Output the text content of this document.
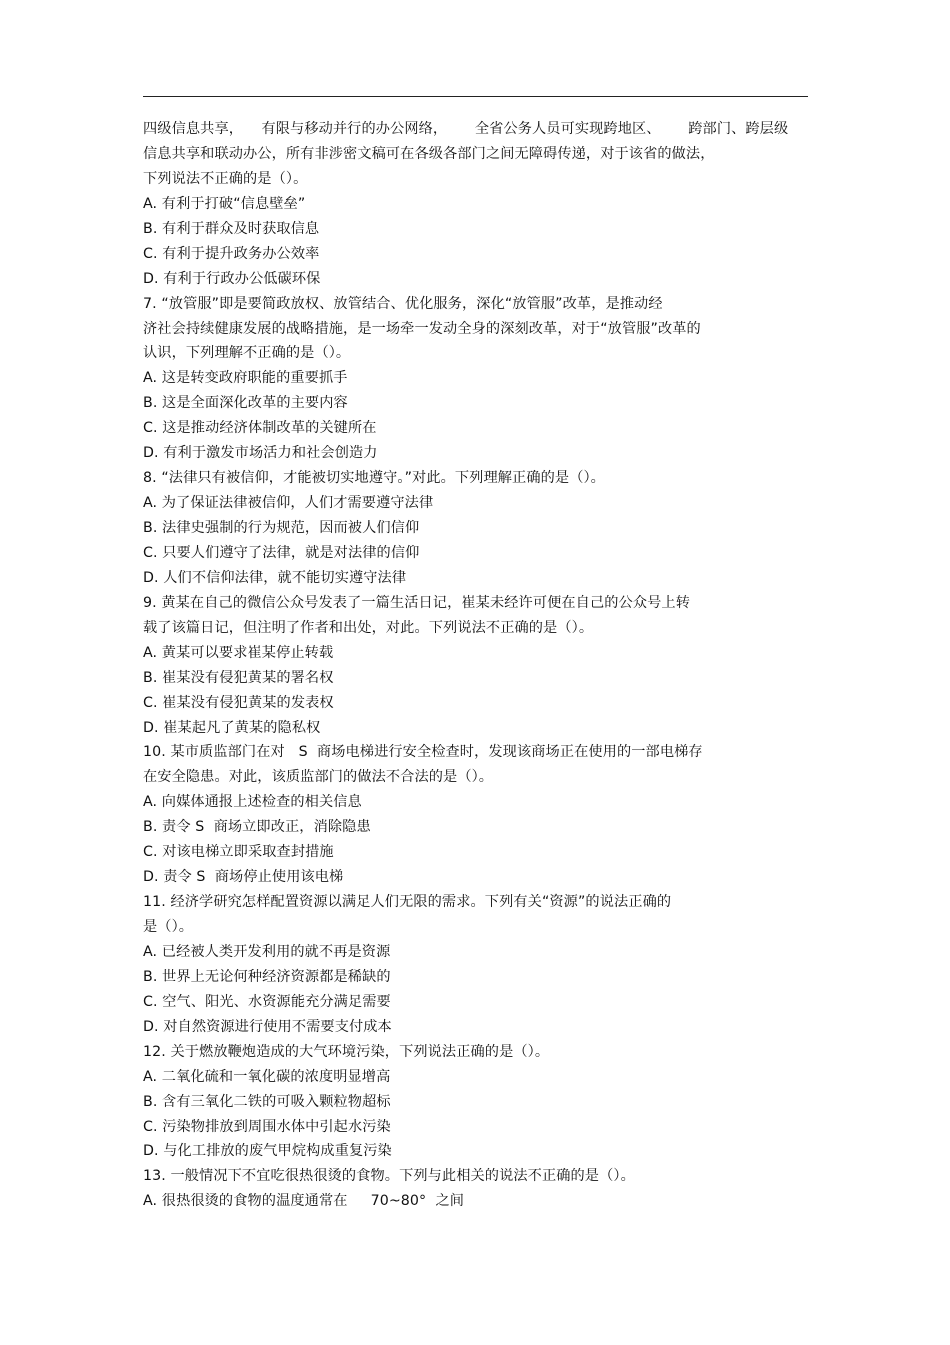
四级信息共享，    有限与移动并行的办公网络，      全省公务人员可实现跨地区、      跨部门、跨层级
信息共享和联动办公，所有非涉密文稿可在各级各部门之间无障碍传递，对于该省的做法，
下列说法不正确的是（）。
A. 有利于打破“信息壁垒”
B. 有利于群众及时获取信息
C. 有利于提升政务办公效率
D. 有利于行政办公低碳环保
7. “放管服”即是要简政放权、放管结合、优化服务，深化“放管服”改革，是推动经
济社会持续健康发展的战略措施，是一场牵一发动全身的深刻改革，对于“放管服”改革的
认识，下列理解不正确的是（）。
A. 这是转变政府职能的重要抓手
B. 这是全面深化改革的主要内容
C. 这是推动经济体制改革的关键所在
D. 有利于激发市场活力和社会创造力
8. “法律只有被信仰，才能被切实地遵守。”对此。下列理解正确的是（）。
A. 为了保证法律被信仰，人们才需要遵守法律
B. 法律史强制的行为规范，因而被人们信仰
C. 只要人们遵守了法律，就是对法律的信仰
D. 人们不信仰法律，就不能切实遵守法律
9. 黄某在自己的微信公众号发表了一篇生活日记，崔某未经许可便在自己的公众号上转
载了该篇日记，但注明了作者和出处，对此。下列说法不正确的是（）。
A. 黄某可以要求崔某停止转载
B. 崔某没有侵犯黄某的署名权
C. 崔某没有侵犯黄某的发表权
D. 崔某起凡了黄某的隐私权
10. 某市质监部门在对   S  商场电梯进行安全检查时，发现该商场正在使用的一部电梯存
在安全隐患。对此，该质监部门的做法不合法的是（）。
A. 向媒体通报上述检查的相关信息
B. 责令 S  商场立即改正，消除隐患
C. 对该电梯立即采取查封措施
D. 责令 S  商场停止使用该电梯
11. 经济学研究怎样配置资源以满足人们无限的需求。下列有关“资源”的说法正确的
是（）。
A. 已经被人类开发利用的就不再是资源
B. 世界上无论何种经济资源都是稀缺的
C. 空气、阳光、水资源能充分满足需要
D. 对自然资源进行使用不需要支付成本
12. 关于燃放鞭炮造成的大气环境污染，下列说法正确的是（）。
A. 二氧化硫和一氧化碳的浓度明显增高
B. 含有三氧化二铁的可吸入颗粒物超标
C. 污染物排放到周围水体中引起水污染
D. 与化工排放的废气甲烷构成重复污染
13. 一般情况下不宜吃很热很烫的食物。下列与此相关的说法不正确的是（）。
A. 很热很烫的食物的温度通常在     70~80°  之间
